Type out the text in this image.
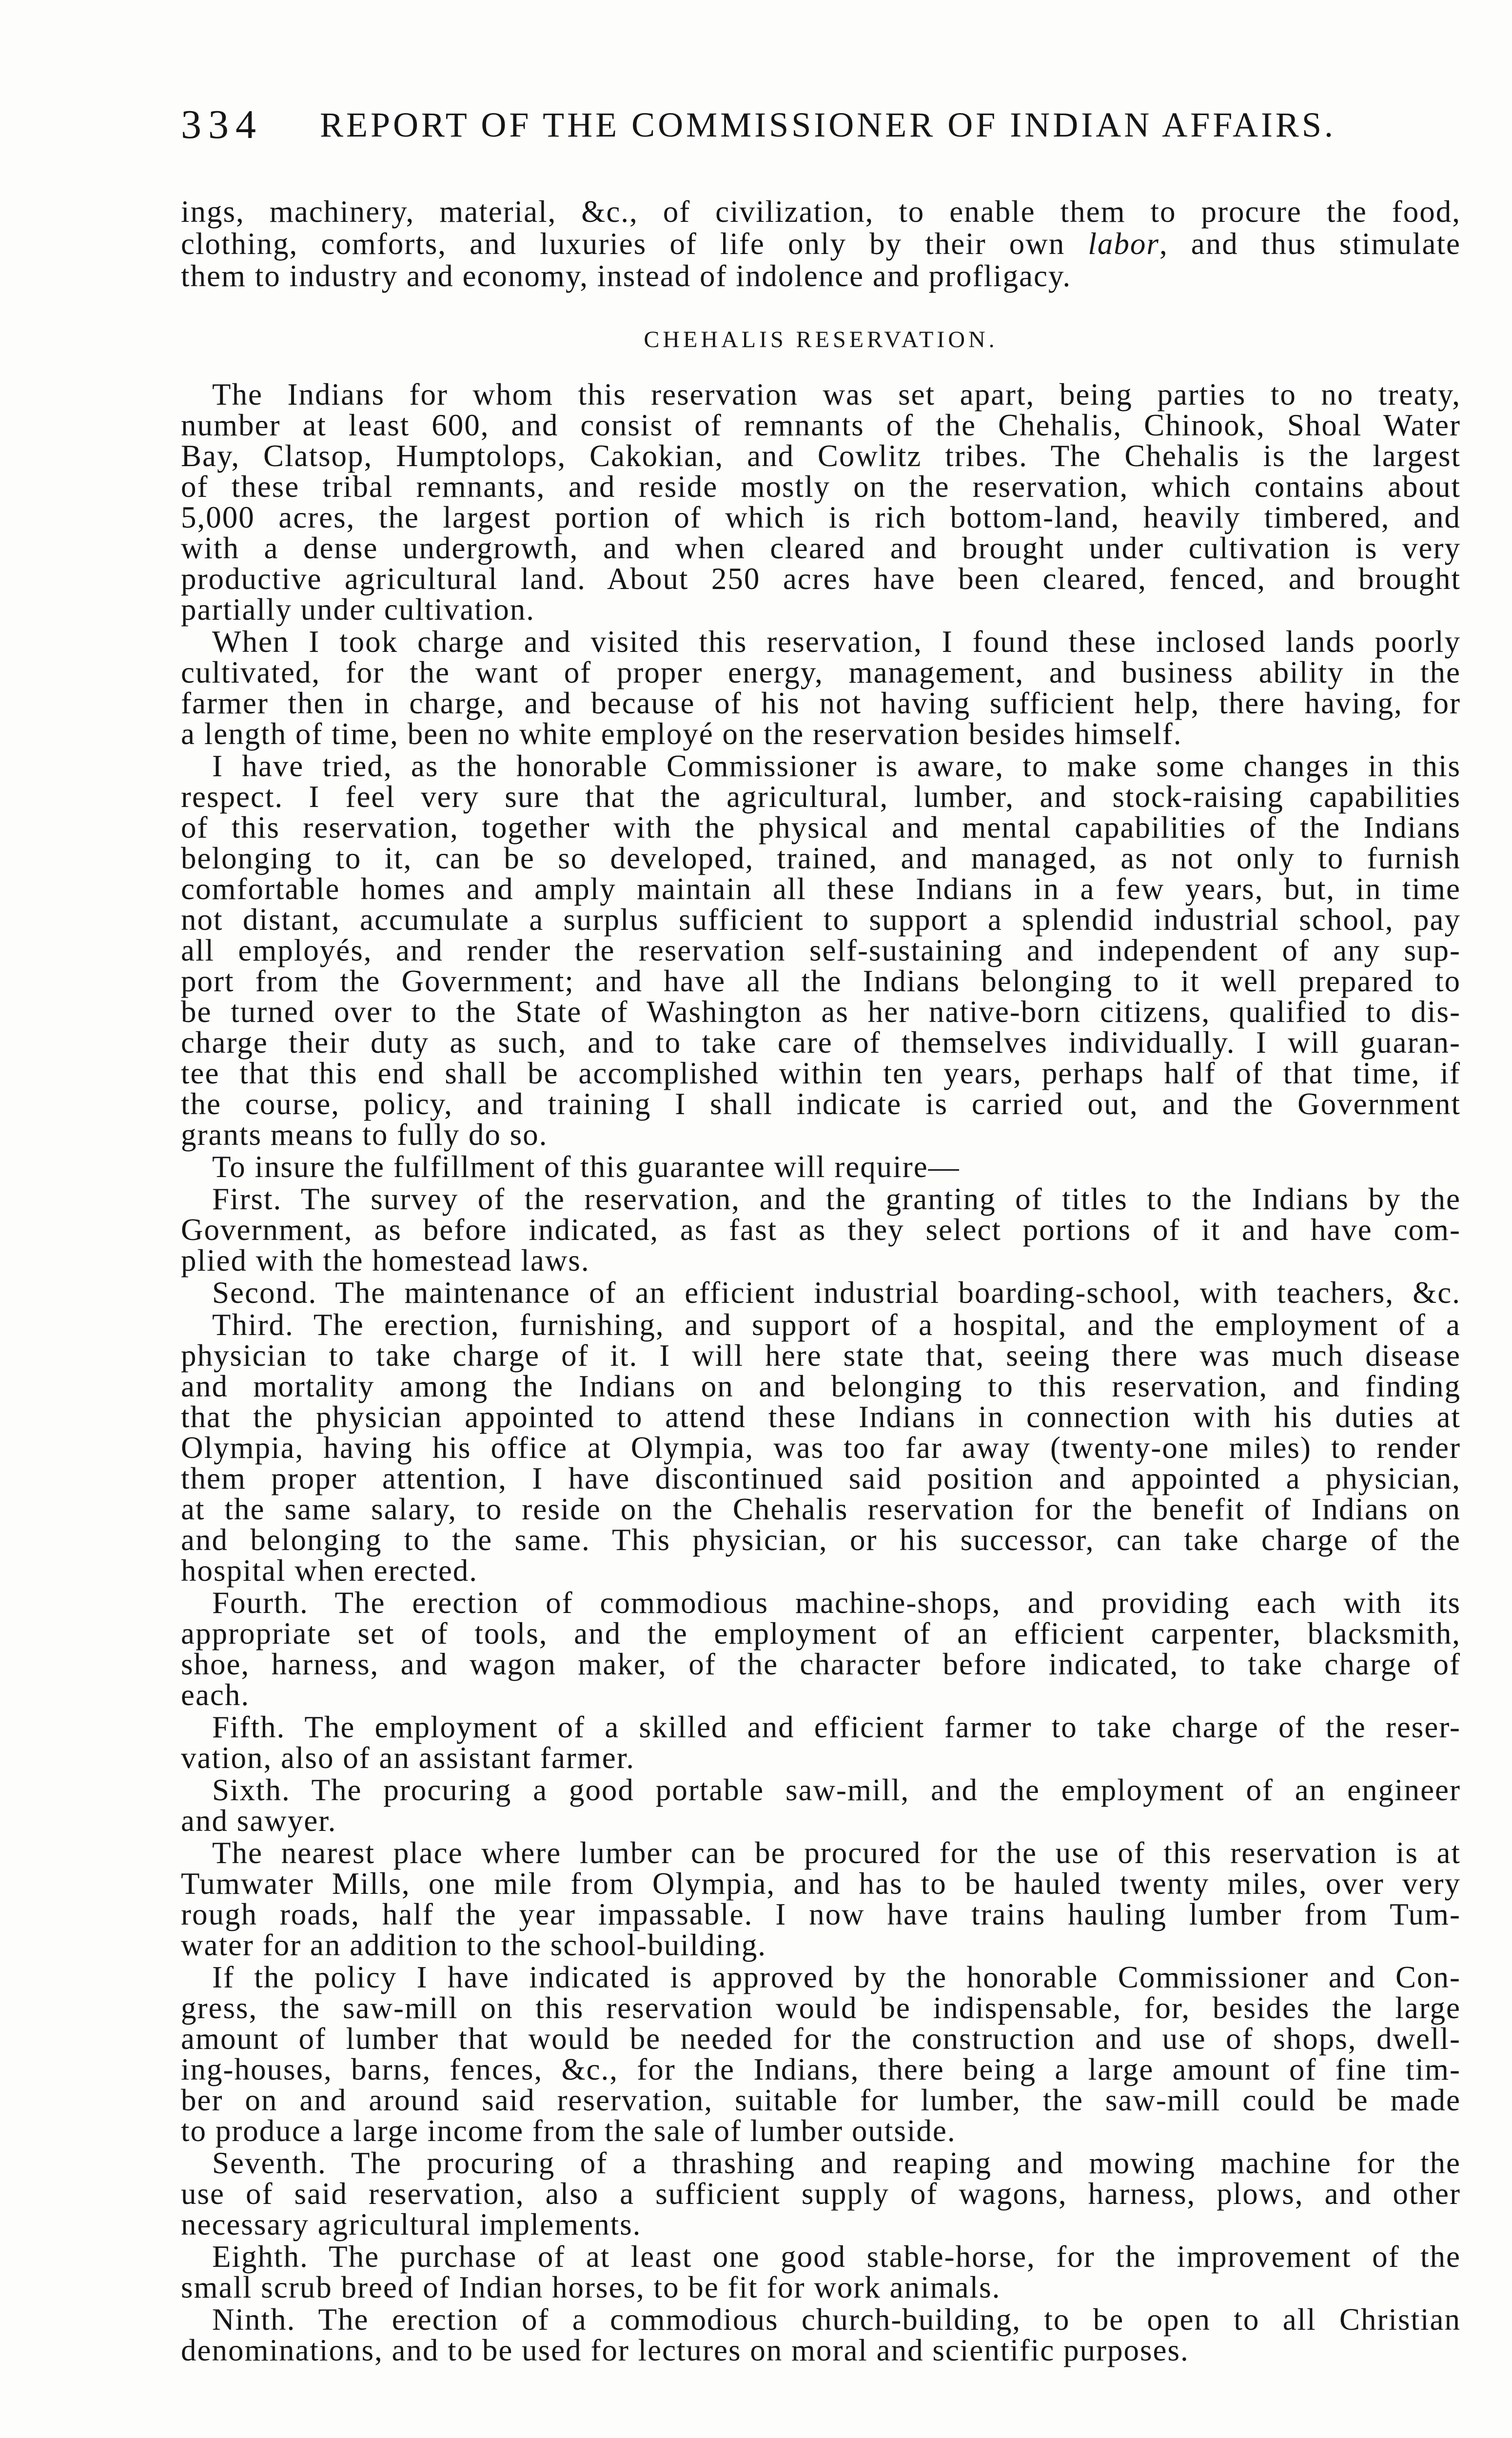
334 REPORT OF THE COMMISSIONER OF INDIAN AFFAIRS.
ings, machinery, material, &c., of civilization, to enable them to procure the food,
clothing, comforts, and luxuries of life only by their own labor, and thus stimulate
them to industry and economy, instead of indolence and profligacy.
CHEHALIS RESERVATION.
The Indians for whom this reservation was set apart, being parties to no treaty,
number at least 600, and consist of remnants of the Chehalis, Chinook, Shoal Water
Bay, Clatsop, Humptolops, Cakokian, and Cowlitz tribes. The Chehalis is the largest
of these tribal remnants, and reside mostly on the reservation, which contains about
5,000 acres, the largest portion of which is rich bottom-land, heavily timbered, and
with a dense undergrowth, and when cleared and brought under cultivation is very
productive agricultural land. About 250 acres have been cleared, fenced, and brought
partially under cultivation.
When I took charge and visited this reservation, I found these inclosed lands poorly
cultivated, for the want of proper energy, management, and business ability in the
farmer then in charge, and because of his not having sufficient help, there having, for
a length of time, been no white employé on the reservation besides himself.
I have tried, as the honorable Commissioner is aware, to make some changes in this
respect. I feel very sure that the agricultural, lumber, and stock-raising capabilities
of this reservation, together with the physical and mental capabilities of the Indians
belonging to it, can be so developed, trained, and managed, as not only to furnish
comfortable homes and amply maintain all these Indians in a few years, but, in time
not distant, accumulate a surplus sufficient to support a splendid industrial school, pay
all employés, and render the reservation self-sustaining and independent of any sup-
port from the Government; and have all the Indians belonging to it well prepared to
be turned over to the State of Washington as her native-born citizens, qualified to dis-
charge their duty as such, and to take care of themselves individually. I will guaran-
tee that this end shall be accomplished within ten years, perhaps half of that time, if
the course, policy, and training I shall indicate is carried out, and the Government
grants means to fully do so.
To insure the fulfillment of this guarantee will require—
First. The survey of the reservation, and the granting of titles to the Indians by the
Government, as before indicated, as fast as they select portions of it and have com-
plied with the homestead laws.
Second. The maintenance of an efficient industrial boarding-school, with teachers, &c.
Third. The erection, furnishing, and support of a hospital, and the employment of a
physician to take charge of it. I will here state that, seeing there was much disease
and mortality among the Indians on and belonging to this reservation, and finding
that the physician appointed to attend these Indians in connection with his duties at
Olympia, having his office at Olympia, was too far away (twenty-one miles) to render
them proper attention, I have discontinued said position and appointed a physician,
at the same salary, to reside on the Chehalis reservation for the benefit of Indians on
and belonging to the same. This physician, or his successor, can take charge of the
hospital when erected.
Fourth. The erection of commodious machine-shops, and providing each with its
appropriate set of tools, and the employment of an efficient carpenter, blacksmith,
shoe, harness, and wagon maker, of the character before indicated, to take charge of
each.
Fifth. The employment of a skilled and efficient farmer to take charge of the reser-
vation, also of an assistant farmer.
Sixth. The procuring a good portable saw-mill, and the employment of an engineer
and sawyer.
The nearest place where lumber can be procured for the use of this reservation is at
Tumwater Mills, one mile from Olympia, and has to be hauled twenty miles, over very
rough roads, half the year impassable. I now have trains hauling lumber from Tum-
water for an addition to the school-building.
If the policy I have indicated is approved by the honorable Commissioner and Con-
gress, the saw-mill on this reservation would be indispensable, for, besides the large
amount of lumber that would be needed for the construction and use of shops, dwell-
ing-houses, barns, fences, &c., for the Indians, there being a large amount of fine tim-
ber on and around said reservation, suitable for lumber, the saw-mill could be made
to produce a large income from the sale of lumber outside.
Seventh. The procuring of a thrashing and reaping and mowing machine for the
use of said reservation, also a sufficient supply of wagons, harness, plows, and other
necessary agricultural implements.
Eighth. The purchase of at least one good stable-horse, for the improvement of the
small scrub breed of Indian horses, to be fit for work animals.
Ninth. The erection of a commodious church-building, to be open to all Christian
denominations, and to be used for lectures on moral and scientific purposes.
